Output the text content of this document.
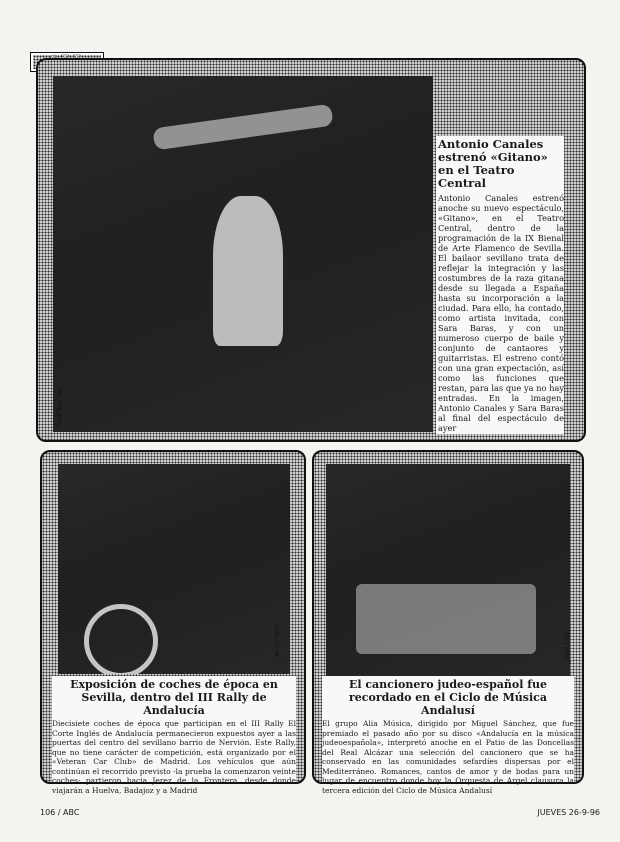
Vidal Sagnier
Antonio Canales estrenó «Gitano» en el Teatro Central
Antonio Canales estrenó anoche su nuevo espectáculo, «Gitano», en el Teatro Central, dentro de la programación de la IX Bienal de Arte Flamenco de Sevilla. El bailaor sevillano trata de reflejar la integración y las costumbres de la raza gitana desde su llegada a España hasta su incorporación a la ciudad. Para ello, ha contado, como artista invitada, con Sara Baras, y con un numeroso cuerpo de baile y conjunto de cantaores y guitarristas. El estreno contó con una gran expectación, así como las funciones que restan, para las que ya no hay entradas. En la imagen, Antonio Canales y Sara Baras al final del espectáculo de ayer
J. M. Serrano
Exposición de coches de época en Sevilla, dentro del III Rally de Andalucía
Diecisiete coches de época que participan en el III Rally El Corte Inglés de Andalucía permanecieron expuestos ayer a las puertas del centro del sevillano barrio de Nervión. Este Rally, que no tiene carácter de competición, está organizado por el «Veteran Car Club» de Madrid. Los vehículos que aún continúan el recorrido previsto -la prueba la comenzaron veinte coches- partieron hacia Jerez de la Frontera, desde donde viajarán a Huelva, Badajoz y a Madrid
Jesús Díaz
El cancionero judeo-español fue recordado en el Ciclo de Música Andalusí
El grupo Alia Música, dirigido por Miguel Sánchez, que fue premiado el pasado año por su disco «Andalucía en la música judeoespañola», interpretó anoche en el Patio de las Doncellas del Real Alcázar una selección del cancionero que se ha conservado en las comunidades sefardíes dispersas por el Mediterráneo. Romances, cantos de amor y de bodas para un lugar de encuentro donde hoy la Orquesta de Argel clausura la tercera edición del Ciclo de Música Andalusí
106 / ABC	JUEVES 26-9-96
